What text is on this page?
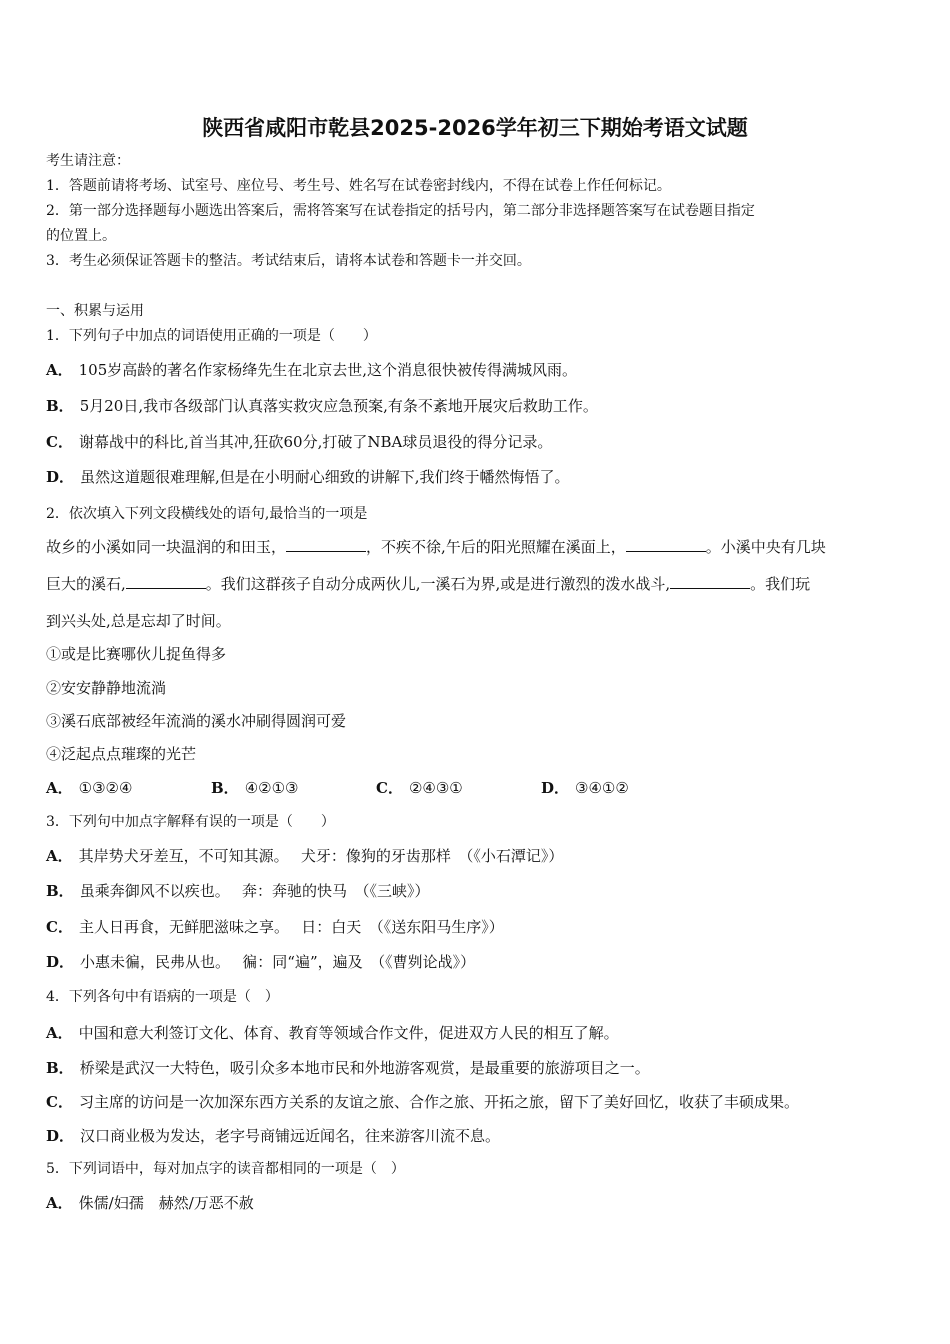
陕西省咸阳市乾县2025-2026学年初三下期始考语文试题
考生请注意：
1．答题前请将考场、试室号、座位号、考生号、姓名写在试卷密封线内，不得在试卷上作任何标记。
2．第一部分选择题每小题选出答案后，需将答案写在试卷指定的括号内，第二部分非选择题答案写在试卷题目指定
的位置上。
3．考生必须保证答题卡的整洁。考试结束后，请将本试卷和答题卡一并交回。
一、积累与运用
1．下列句子中加点的词语使用正确的一项是（　　）
A． 105岁高龄的著名作家杨绛先生在北京去世,这个消息很快被传得满城风雨。
B． 5月20日,我市各级部门认真落实救灾应急预案,有条不紊地开展灾后救助工作。
C． 谢幕战中的科比,首当其冲,狂砍60分,打破了NBA球员退役的得分记录。
D． 虽然这道题很难理解,但是在小明耐心细致的讲解下,我们终于幡然悔悟了。
2．依次填入下列文段横线处的语句,最恰当的一项是
故乡的小溪如同一块温润的和田玉，	，不疾不徐,午后的阳光照耀在溪面上，	。小溪中央有几块
巨大的溪石,	。我们这群孩子自动分成两伙儿,一溪石为界,或是进行激烈的泼水战斗,	。我们玩
到兴头处,总是忘却了时间。
①或是比赛哪伙儿捉鱼得多
②安安静静地流淌
③溪石底部被经年流淌的溪水冲刷得圆润可爱
④泛起点点璀璨的光芒
A． ①③②④	B． ④②①③	C． ②④③①	D． ③④①②
3．下列句中加点字解释有误的一项是（　　）
A． 其岸势犬牙差互，不可知其源。　 犬牙：像狗的牙齿那样　（《小石潭记》）
B． 虽乘奔御风不以疾也。　 奔：奔驰的快马　（《三峡》）
C． 主人日再食，无鲜肥滋味之享。　 日：白天　（《送东阳马生序》）
D． 小惠未徧，民弗从也。　 徧：同“遍”，遍及　（《曹刿论战》）
4．下列各句中有语病的一项是（　）
A． 中国和意大利签订文化、体育、教育等领域合作文件，促进双方人民的相互了解。
B． 桥梁是武汉一大特色，吸引众多本地市民和外地游客观赏，是最重要的旅游项目之一。
C． 习主席的访问是一次加深东西方关系的友谊之旅、合作之旅、开拓之旅，留下了美好回忆，收获了丰硕成果。
D． 汉口商业极为发达，老字号商铺远近闻名，往来游客川流不息。
5．下列词语中，每对加点字的读音都相同的一项是（　）
A． 侏儒/妇孺　赫然/万恶不赦
